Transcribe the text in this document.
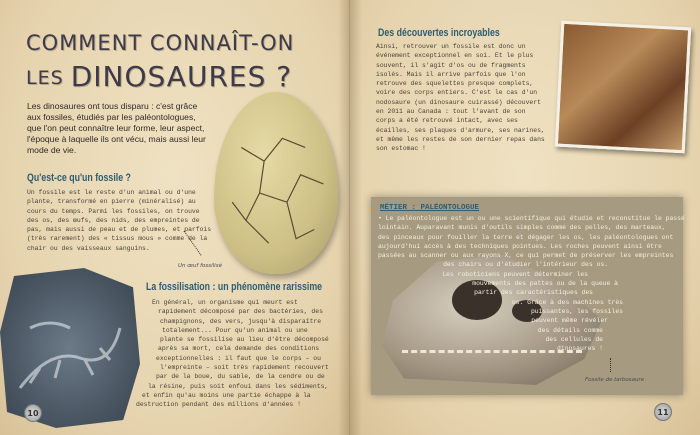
COMMENT CONNAÎT-ON
LES DINOSAURES ?
Les dinosaures ont tous disparu : c'est grâce aux fossiles, étudiés par les paléontologues, que l'on peut connaître leur forme, leur aspect, l'époque à laquelle ils ont vécu, mais aussi leur mode de vie.
Un œuf fossilisé
Qu'est-ce qu'un fossile ?
Un fossile est le reste d'un animal ou d'une
plante, transformé en pierre (minéralisé) au
cours du temps. Parmi les fossiles, on trouve
des os, des œufs, des nids, des empreintes de
pas, mais aussi de peau et de plumes, et parfois
(très rarement) des « tissus mous » comme de la
chair ou des vaisseaux sanguins.
La fossilisation : un phénomène rarissime
En général, un organisme qui meurt est
rapidement décomposé par des bactéries, des
champignons, des vers, jusqu'à disparaître
totalement... Pour qu'un animal ou une
plante se fossilise au lieu d'être décomposé
après sa mort, cela demande des conditions
exceptionnelles : il faut que le corps – ou
l'empreinte – soit très rapidement recouvert
par de la boue, du sable, de la cendre ou de
la résine, puis soit enfoui dans les sédiments,
et enfin qu'au moins une partie échappe à la
destruction pendant des millions d'années !
10
Des découvertes incroyables
Ainsi, retrouver un fossile est donc un
événement exceptionnel en soi. Et le plus
souvent, il s'agit d'os ou de fragments
isolés. Mais il arrive parfois que l'on
retrouve des squelettes presque complets,
voire des corps entiers. C'est le cas d'un
nodosaure (un dinosaure cuirassé) découvert
en 2011 au Canada : tout l'avant de son
corps a été retrouvé intact, avec ses
écailles, ses plaques d'armure, ses narines,
et même les restes de son dernier repas dans
son estomac !
MÉTIER : PALÉONTOLOGUE
• Le paléontologue est un ou une scientifique qui étudie et reconstitue le passé
lointain. Auparavant munis d'outils simples comme des pelles, des marteaux,
des pinceaux pour fouiller la terre et dégager les os, les paléontologues ont
aujourd'hui accès à des techniques pointues. Les roches peuvent ainsi être
passées au scanner ou aux rayons X, ce qui permet de préserver les empreintes
des chairs ou d'étudier l'intérieur des os.
Les roboticiens peuvent déterminer les
mouvements des pattes ou de la queue à
partir des caractéristiques des
os. Grâce à des machines très
puissantes, les fossiles
peuvent même révéler
des détails comme
des cellules de
dinosaures !
Fossile de tarbosaure
11
